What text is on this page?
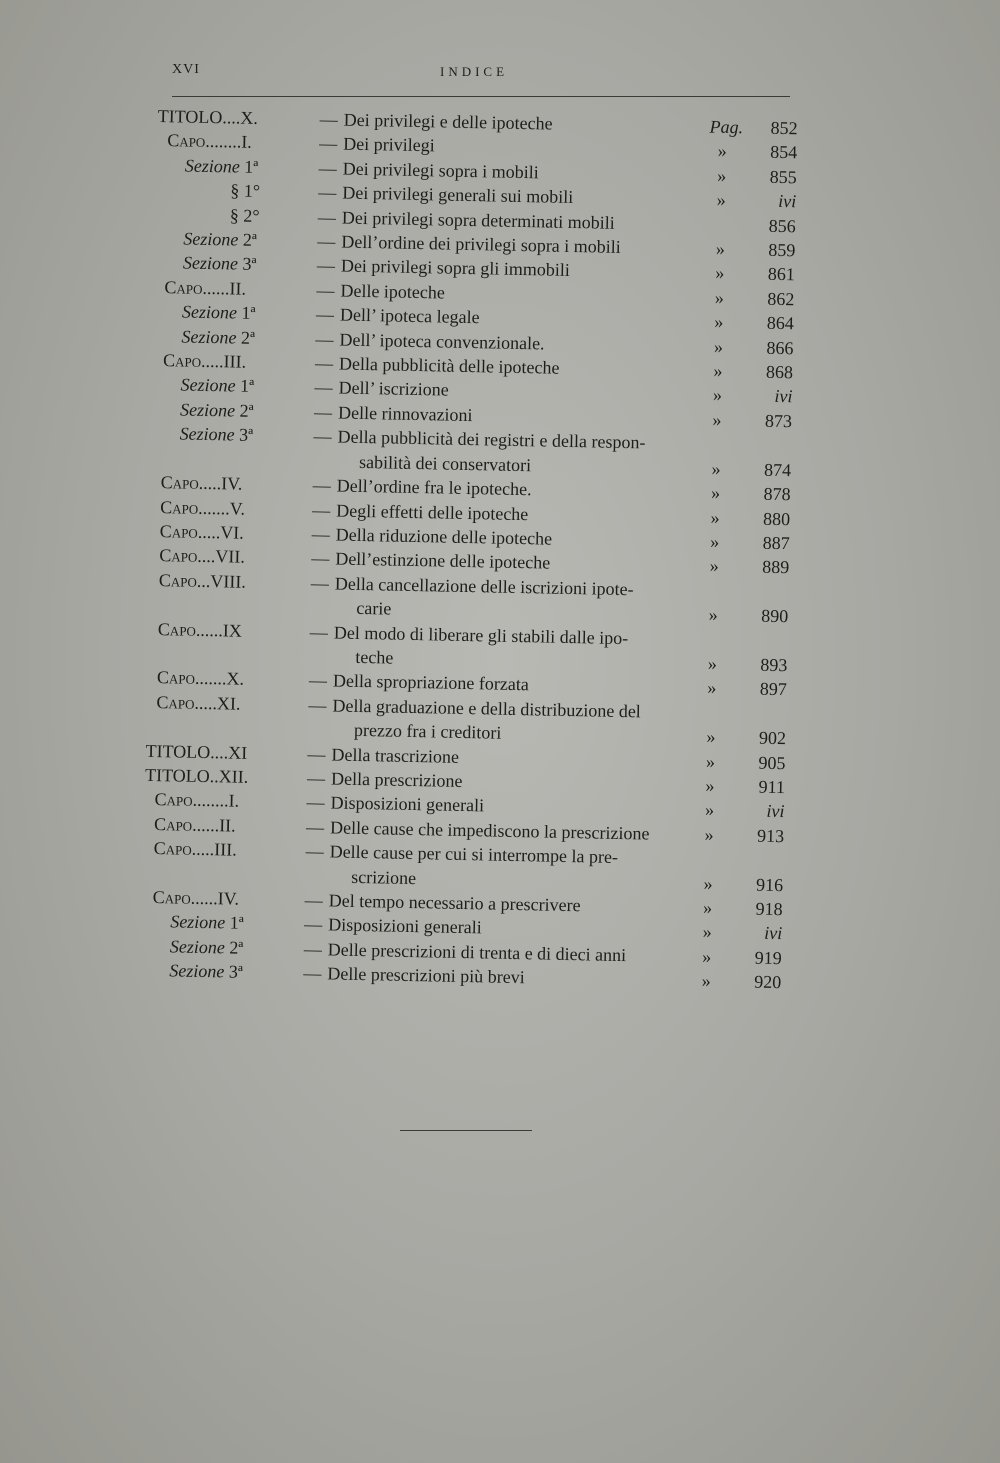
XVI	INDICE
TITOLO....X.	— Dei privilegi e delle ipoteche	Pag.	852
Capo........I.	— Dei privilegi	»	854
Sezione 1ª	— Dei privilegi sopra i mobili	»	855
§ 1°	— Dei privilegi generali sui mobili	»	ivi
§ 2°	— Dei privilegi sopra determinati mobili	856
Sezione 2ª	— Dell’ordine dei privilegi sopra i mobili	»	859
Sezione 3ª	— Dei privilegi sopra gli immobili	»	861
Capo......II.	— Delle ipoteche	»	862
Sezione 1ª	— Dell’ ipoteca legale	»	864
Sezione 2ª	— Dell’ ipoteca convenzionale.	»	866
Capo.....III.	— Della pubblicità delle ipoteche	»	868
Sezione 1ª	— Dell’ iscrizione	»	ivi
Sezione 2ª	— Delle rinnovazioni	»	873
Sezione 3ª	— Della pubblicità dei registri e della respon-
sabilità dei conservatori	»	874
Capo.....IV.	— Dell’ordine fra le ipoteche.	»	878
Capo.......V.	— Degli effetti delle ipoteche	»	880
Capo.....VI.	— Della riduzione delle ipoteche	»	887
Capo....VII.	— Dell’estinzione delle ipoteche	»	889
Capo...VIII.	— Della cancellazione delle iscrizioni ipote-
carie	»	890
Capo......IX	— Del modo di liberare gli stabili dalle ipo-
teche	»	893
Capo.......X.	— Della spropriazione forzata	»	897
Capo.....XI.	— Della graduazione e della distribuzione del
prezzo fra i creditori	»	902
TITOLO....XI	— Della trascrizione	»	905
TITOLO..XII.	— Della prescrizione	»	911
Capo........I.	— Disposizioni generali	»	ivi
Capo......II.	— Delle cause che impediscono la prescrizione	»	913
Capo.....III.	— Delle cause per cui si interrompe la pre-
scrizione	»	916
Capo......IV.	— Del tempo necessario a prescrivere	»	918
Sezione 1ª	— Disposizioni generali	»	ivi
Sezione 2ª	— Delle prescrizioni di trenta e di dieci anni	»	919
Sezione 3ª	— Delle prescrizioni più brevi	»	920
